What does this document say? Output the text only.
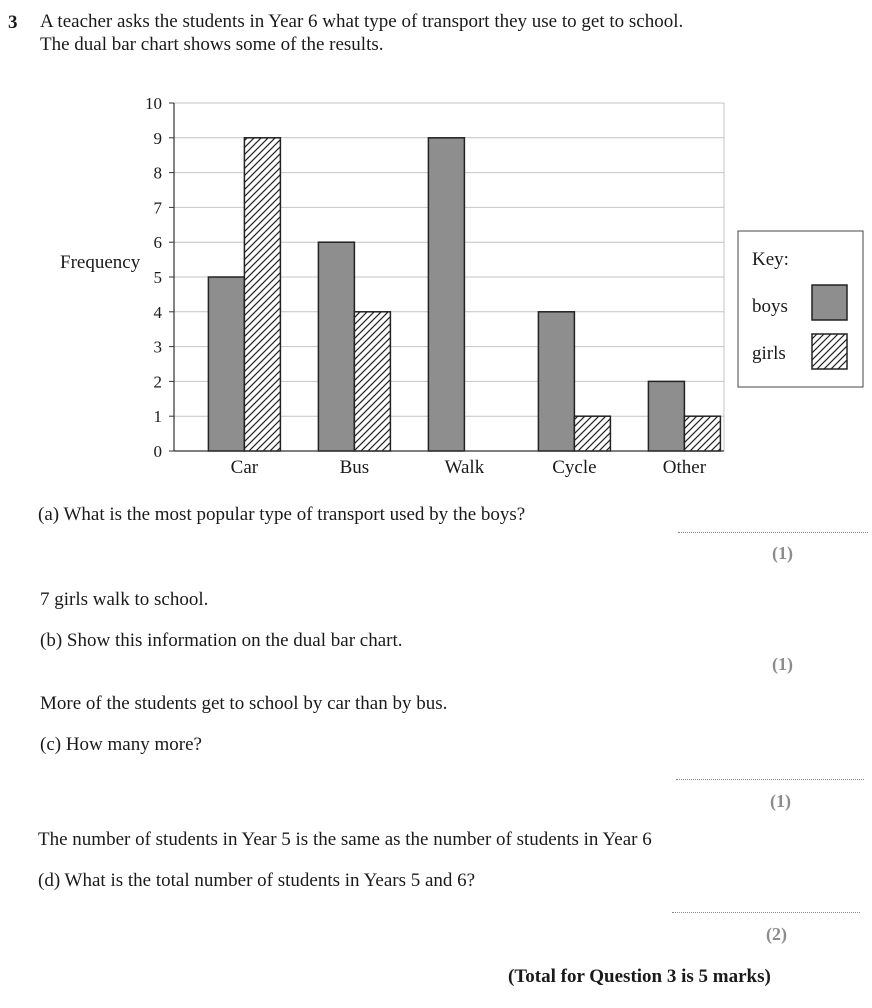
3 A teacher asks the students in Year 6 what type of transport they use to get to school.
The dual bar chart shows some of the results.
0
1
2
3
4
5
6
7
8
9
10
Car	Bus	Walk	Cycle	Other
Frequency	Key:
boys
girls
(a) What is the most popular type of transport used by the boys?
(1)
7 girls walk to school.
(b) Show this information on the dual bar chart.
(1)
More of the students get to school by car than by bus.
(c) How many more?
(1)
The number of students in Year 5 is the same as the number of students in Year 6
(d) What is the total number of students in Years 5 and 6?
(2)
(Total for Question 3 is 5 marks)
